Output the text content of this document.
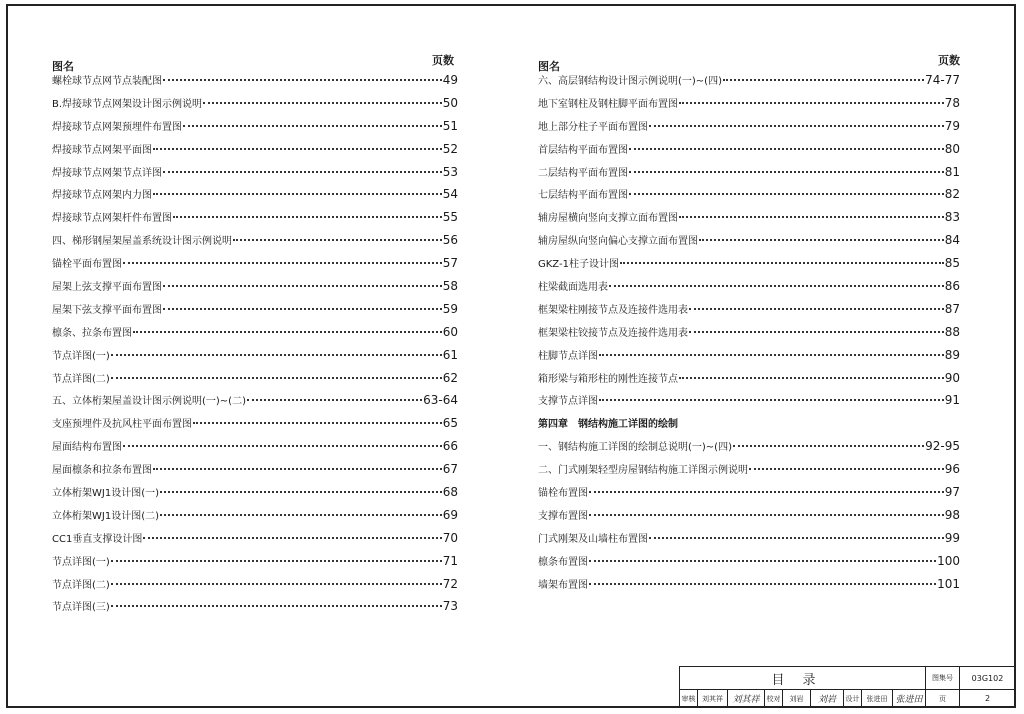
图名	页数
螺栓球节点网节点装配图	49
B.焊接球节点网架设计图示例说明	50
焊接球节点网架预埋件布置图	51
焊接球节点网架平面图	52
焊接球节点网架节点详图	53
焊接球节点网架内力图	54
焊接球节点网架杆件布置图	55
四、梯形钢屋架屋盖系统设计图示例说明	56
锚栓平面布置图	57
屋架上弦支撑平面布置图	58
屋架下弦支撑平面布置图	59
檩条、拉条布置图	60
节点详图(一)	61
节点详图(二)	62
五、立体桁架屋盖设计图示例说明(一)~(二)	63-64
支座预埋件及抗风柱平面布置图	65
屋面结构布置图	66
屋面檩条和拉条布置图	67
立体桁架WJ1设计图(一)	68
立体桁架WJ1设计图(二)	69
CC1垂直支撑设计图	70
节点详图(一)	71
节点详图(二)	72
节点详图(三)	73
图名	页数
六、高层钢结构设计图示例说明(一)~(四)	74-77
地下室钢柱及钢柱脚平面布置图	78
地上部分柱子平面布置图	79
首层结构平面布置图	80
二层结构平面布置图	81
七层结构平面布置图	82
辅房屋横向竖向支撑立面布置图	83
辅房屋纵向竖向偏心支撑立面布置图	84
GKZ-1柱子设计图	85
柱梁截面选用表	86
框架梁柱刚接节点及连接件选用表	87
框架梁柱铰接节点及连接件选用表	88
柱脚节点详图	89
箱形梁与箱形柱的刚性连接节点	90
支撑节点详图	91
第四章　钢结构施工详图的绘制
一、钢结构施工详图的绘制总说明(一)~(四)	92-95
二、门式刚架轻型房屋钢结构施工详图示例说明	96
锚栓布置图	97
支撑布置图	98
门式刚架及山墙柱布置图	99
檩条布置图	100
墙架布置图	101
目录	图集号	03G102
审核 刘其祥	刘其祥	校对	刘岩	刘岩	设计	张进田 张进田	页	2
